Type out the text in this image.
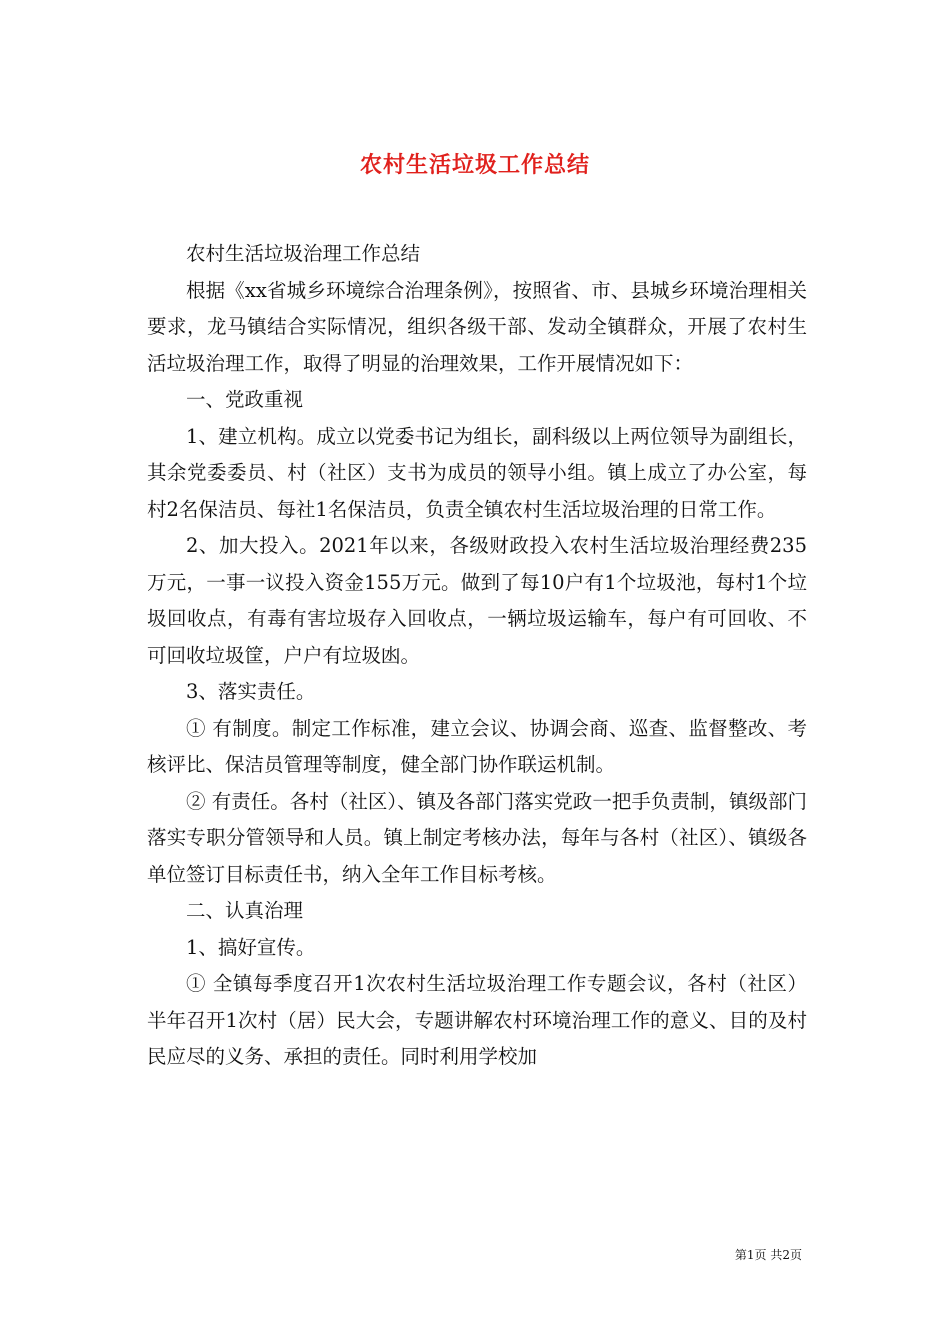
农村生活垃圾工作总结

农村生活垃圾治理工作总结

根据《xx省城乡环境综合治理条例》，按照省、市、县城乡环境治理相关要求，龙马镇结合实际情况，组织各级干部、发动全镇群众，开展了农村生活垃圾治理工作，取得了明显的治理效果，工作开展情况如下：

一、党政重视

1、建立机构。成立以党委书记为组长，副科级以上两位领导为副组长，其余党委委员、村（社区）支书为成员的领导小组。镇上成立了办公室，每村2名保洁员、每社1名保洁员，负责全镇农村生活垃圾治理的日常工作。

2、加大投入。2021年以来，各级财政投入农村生活垃圾治理经费235万元，一事一议投入资金155万元。做到了每10户有1个垃圾池，每村1个垃圾回收点，有毒有害垃圾存入回收点，一辆垃圾运输车，每户有可回收、不可回收垃圾筐，户户有垃圾凼。

3、落实责任。

① 有制度。制定工作标准，建立会议、协调会商、巡查、监督整改、考核评比、保洁员管理等制度，健全部门协作联运机制。

② 有责任。各村（社区）、镇及各部门落实党政一把手负责制，镇级部门落实专职分管领导和人员。镇上制定考核办法，每年与各村（社区）、镇级各单位签订目标责任书，纳入全年工作目标考核。

二、认真治理

1、搞好宣传。

① 全镇每季度召开1次农村生活垃圾治理工作专题会议，各村（社区）半年召开1次村（居）民大会，专题讲解农村环境治理工作的意义、目的及村民应尽的义务、承担的责任。同时利用学校加

第1页 共2页
